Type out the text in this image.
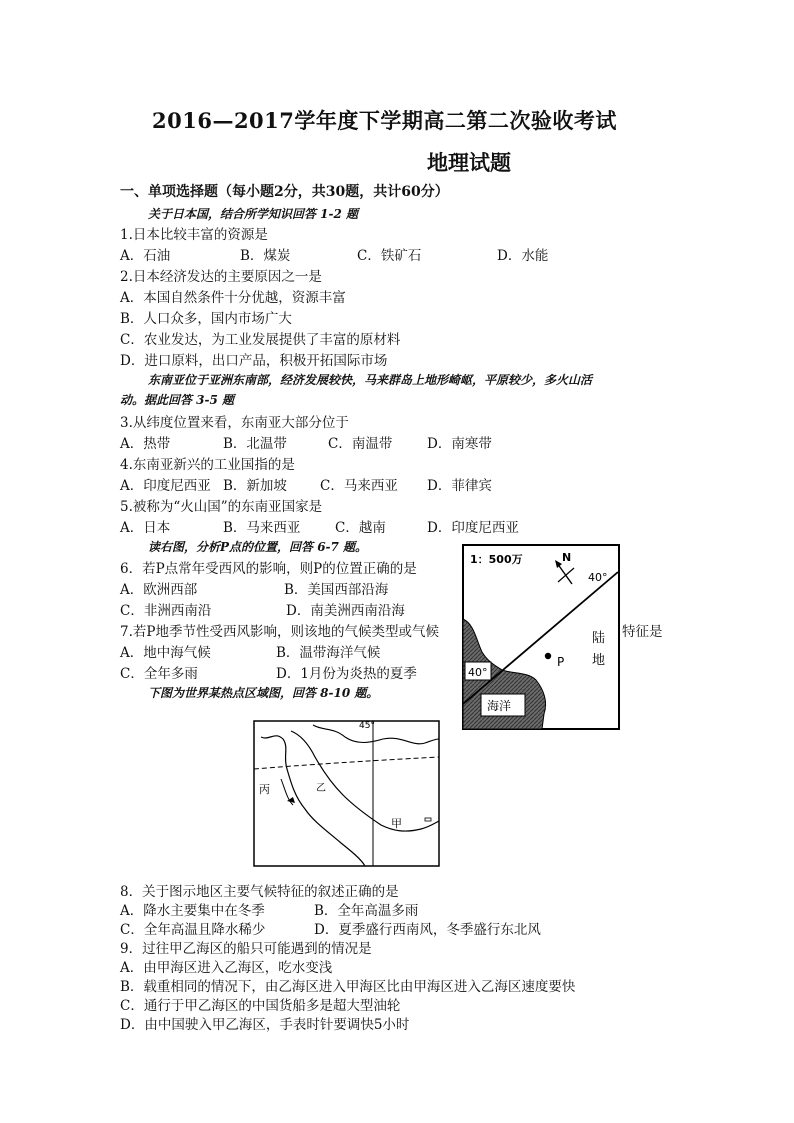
2016—2017学年度下学期高二第二次验收考试
地理试题
一、单项选择题（每小题2分，共30题，共计60分）
关于日本国，结合所学知识回答 1-2 题
1.日本比较丰富的资源是
A．石油	B．煤炭	C．铁矿石	D．水能
2.日本经济发达的主要原因之一是
A．本国自然条件十分优越，资源丰富
B．人口众多，国内市场广大
C．农业发达，为工业发展提供了丰富的原材料
D．进口原料，出口产品，积极开拓国际市场
东南亚位于亚洲东南部，经济发展较快，马来群岛上地形崎岖，平原较少，多火山活
动。据此回答 3-5 题
3.从纬度位置来看，东南亚大部分位于
A．热带	B．北温带	C．南温带	D．南寒带
4.东南亚新兴的工业国指的是
A．印度尼西亚 B．新加坡 C．马来西亚 D．菲律宾
5.被称为“火山国”的东南亚国家是
A．日本	B．马来西亚	C．越南	D．印度尼西亚
读右图，分析P点的位置，回答 6-7 题。
6．若P点常年受西风的影响，则P的位置正确的是
A．欧洲西部	B．美国西部沿海
C．非洲西南沿	D．南美洲西南沿海
7.若P地季节性受西风影响，则该地的气候类型或气候	特征是
A．地中海气候	B．温带海洋气候
C．全年多雨	D．1月份为炎热的夏季
下图为世界某热点区域图，回答 8-10 题。
40°
海洋
1：500万	N
40°
陆
地
P
45°
丙	乙
甲
8．关于图示地区主要气候特征的叙述正确的是
A．降水主要集中在冬季	B．全年高温多雨
C．全年高温且降水稀少	D．夏季盛行西南风，冬季盛行东北风
9．过往甲乙海区的船只可能遇到的情况是
A．由甲海区进入乙海区，吃水变浅
B．载重相同的情况下，由乙海区进入甲海区比由甲海区进入乙海区速度要快
C．通行于甲乙海区的中国货船多是超大型油轮
D．由中国驶入甲乙海区，手表时针要调快5小时
